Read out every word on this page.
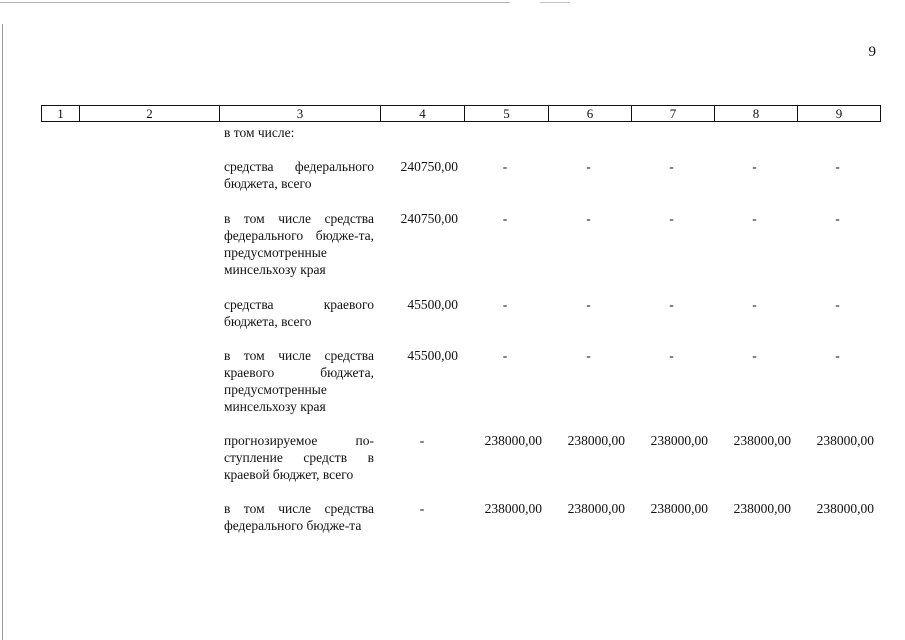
9
1	2	3	4	5	6	7	8	9
в том числе:
средства федерального бюджета, всего
240750,00	-	-	-	-	-
в том числе средства федерального бюдже-та, предусмотренные минсельхозу края
240750,00	-	-	-	-	-
средства краевого бюджета, всего
45500,00	-	-	-	-	-
в том числе средства краевого бюджета, предусмотренные минсельхозу края
45500,00	-	-	-	-	-
прогнозируемое по-ступление средств в краевой бюджет, всего
-	238000,00 238000,00 238000,00 238000,00 238000,00
в том числе средства федерального бюдже-та
-	238000,00 238000,00 238000,00 238000,00 238000,00
